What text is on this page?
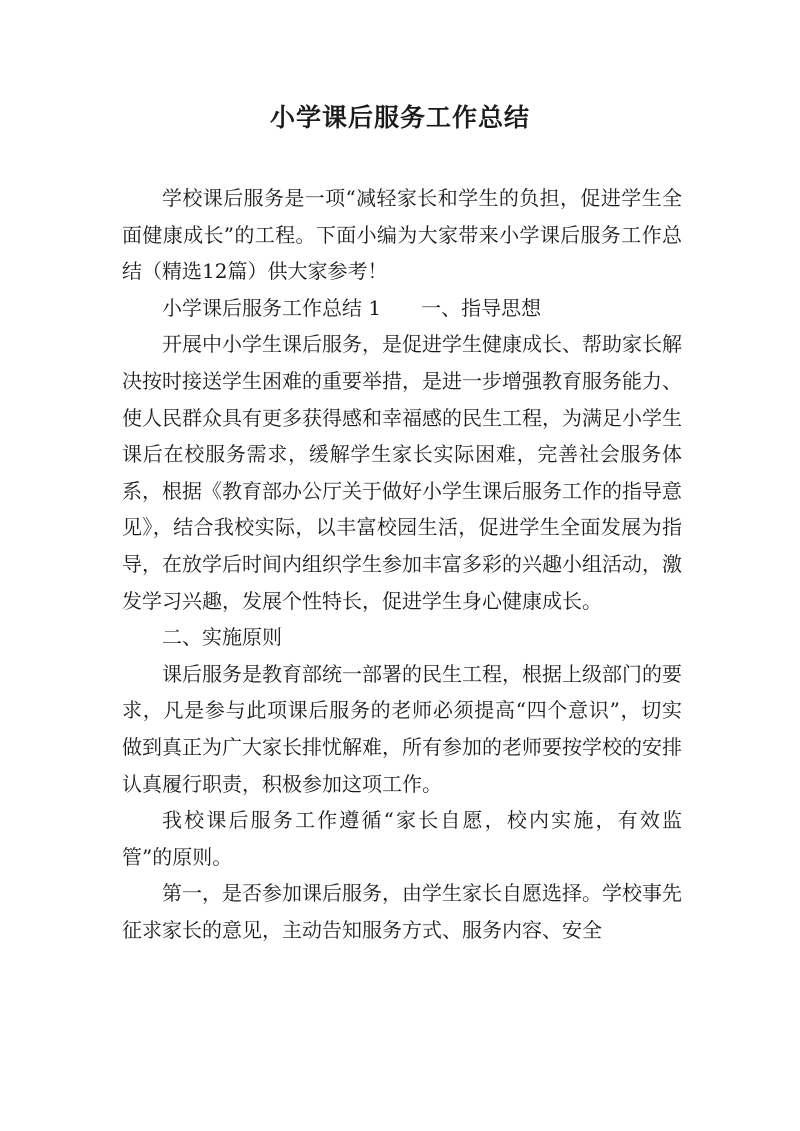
小学课后服务工作总结

学校课后服务是一项“减轻家长和学生的负担，促进学生全面健康成长”的工程。下面小编为大家带来小学课后服务工作总结（精选12篇）供大家参考！

小学课后服务工作总结 1 一、指导思想

开展中小学生课后服务，是促进学生健康成长、帮助家长解决按时接送学生困难的重要举措，是进一步增强教育服务能力、使人民群众具有更多获得感和幸福感的民生工程，为满足小学生课后在校服务需求，缓解学生家长实际困难，完善社会服务体系，根据《教育部办公厅关于做好小学生课后服务工作的指导意见》，结合我校实际，以丰富校园生活，促进学生全面发展为指导，在放学后时间内组织学生参加丰富多彩的兴趣小组活动，激发学习兴趣，发展个性特长，促进学生身心健康成长。

二、实施原则

课后服务是教育部统一部署的民生工程，根据上级部门的要求，凡是参与此项课后服务的老师必须提高“四个意识”，切实做到真正为广大家长排忧解难，所有参加的老师要按学校的安排认真履行职责，积极参加这项工作。

我校课后服务工作遵循“家长自愿，校内实施，有效监管”的原则。

第一，是否参加课后服务，由学生家长自愿选择。学校事先征求家长的意见，主动告知服务方式、服务内容、安全
